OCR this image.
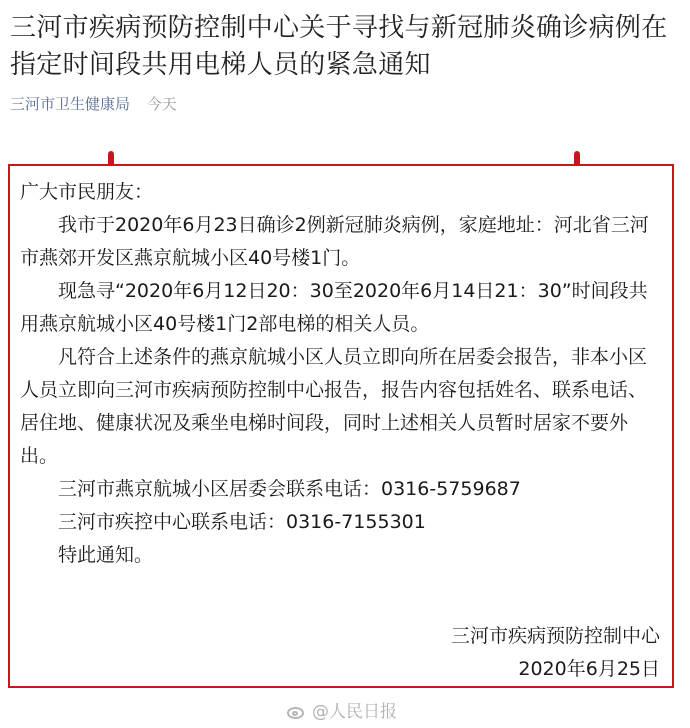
三河市疾病预防控制中心关于寻找与新冠肺炎确诊病例在指定时间段共用电梯人员的紧急通知
三河市卫生健康局 今天

广大市民朋友：

我市于2020年6月23日确诊2例新冠肺炎病例，家庭地址：河北省三河市燕郊开发区燕京航城小区40号楼1门。

现急寻“2020年6月12日20：30至2020年6月14日21：30”时间段共用燕京航城小区40号楼1门2部电梯的相关人员。

凡符合上述条件的燕京航城小区人员立即向所在居委会报告，非本小区人员立即向三河市疾病预防控制中心报告，报告内容包括姓名、联系电话、居住地、健康状况及乘坐电梯时间段，同时上述相关人员暂时居家不要外出。

三河市燕京航城小区居委会联系电话：0316-5759687

三河市疾控中心联系电话：0316-7155301

特此通知。

三河市疾病预防控制中心
2020年6月25日
@人民日报
